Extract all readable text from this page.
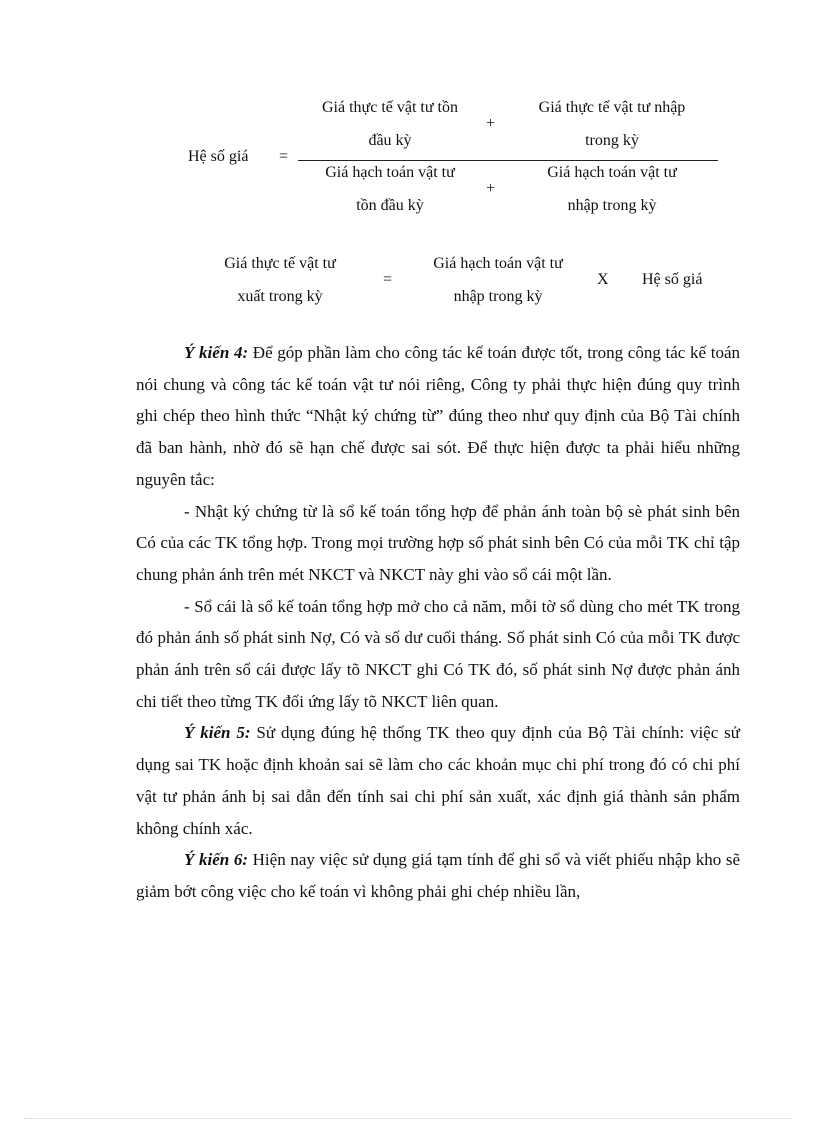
Hệ số giá =
Giá thực tế vật tư tồn
đầu kỳ
+
Giá thực tế vật tư nhập
trong kỳ
Giá hạch toán vật tư
tồn đầu kỳ
+
Giá hạch toán vật tư
nhập trong kỳ
Giá thực tế vật tư
xuất trong kỳ
=
Giá hạch toán vật tư
nhập trong kỳ
X Hệ số giá

Ý kiến 4: Để góp phần làm cho công tác kế toán được tốt, trong công tác kế toán nói chung và công tác kế toán vật tư nói riêng, Công ty phải thực hiện đúng quy trình ghi chép theo hình thức “Nhật ký chứng từ” đúng theo như quy định của Bộ Tài chính đã ban hành, nhờ đó sẽ hạn chế được sai sót. Để thực hiện được ta phải hiểu những nguyên tắc:

- Nhật ký chứng từ là sổ kế toán tổng hợp để phản ánh toàn bộ sè phát sinh bên Có của các TK tổng hợp. Trong mọi trường hợp số phát sinh bên Có của mỗi TK chỉ tập chung phản ánh trên mét NKCT và NKCT này ghi vào sổ cái một lần.

- Sổ cái là sổ kế toán tổng hợp mở cho cả năm, mỗi tờ sổ dùng cho mét TK trong đó phản ánh số phát sinh Nợ, Có và số dư cuối tháng. Số phát sinh Có của mỗi TK được phản ánh trên sổ cái được lấy tõ NKCT ghi Có TK đó, số phát sinh Nợ được phản ánh chi tiết theo từng TK đối ứng lấy tõ NKCT liên quan.

Ý kiến 5: Sử dụng đúng hệ thống TK theo quy định của Bộ Tài chính: việc sử dụng sai TK hoặc định khoản sai sẽ làm cho các khoản mục chi phí trong đó có chi phí vật tư phản ánh bị sai dẫn đến tính sai chi phí sản xuất, xác định giá thành sản phẩm không chính xác.

Ý kiến 6: Hiện nay việc sử dụng giá tạm tính để ghi sổ và viết phiếu nhập kho sẽ giảm bớt công việc cho kế toán vì không phải ghi chép nhiều lần,
